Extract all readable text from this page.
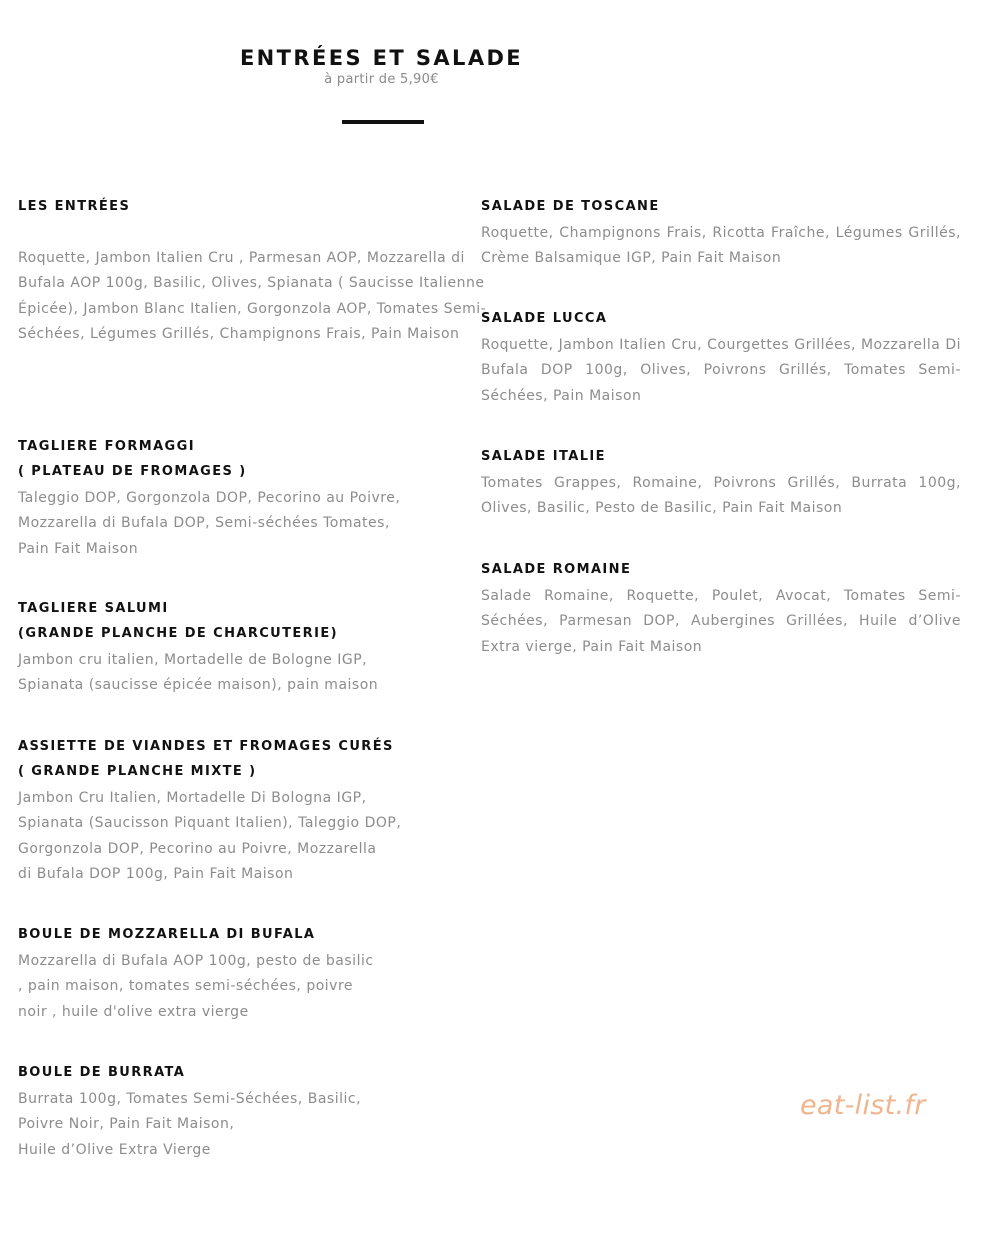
ENTRÉES ET SALADE
à partir de 5,90€

LES ENTRÉES

Roquette, Jambon Italien Cru , Parmesan AOP, Mozzarella di Bufala AOP 100g, Basilic, Olives, Spianata ( Saucisse Italienne Épicée), Jambon Blanc Italien, Gorgonzola AOP, Tomates Semi-Séchées, Légumes Grillés, Champignons Frais, Pain Maison

TAGLIERE FORMAGGI
( PLATEAU DE FROMAGES )

Taleggio DOP, Gorgonzola DOP, Pecorino au Poivre,
Mozzarella di Bufala DOP, Semi-séchées Tomates,
Pain Fait Maison

TAGLIERE SALUMI
(GRANDE PLANCHE DE CHARCUTERIE)

Jambon cru italien, Mortadelle de Bologne IGP,
Spianata (saucisse épicée maison), pain maison

ASSIETTE DE VIANDES ET FROMAGES CURÉS
( GRANDE PLANCHE MIXTE )

Jambon Cru Italien, Mortadelle Di Bologna IGP,
Spianata (Saucisson Piquant Italien), Taleggio DOP,
Gorgonzola DOP, Pecorino au Poivre, Mozzarella
di Bufala DOP 100g, Pain Fait Maison

BOULE DE MOZZARELLA DI BUFALA

Mozzarella di Bufala AOP 100g, pesto de basilic
, pain maison, tomates semi-séchées, poivre
noir , huile d'olive extra vierge

BOULE DE BURRATA

Burrata 100g, Tomates Semi-Séchées, Basilic,
Poivre Noir, Pain Fait Maison,
Huile d’Olive Extra Vierge

SALADE DE TOSCANE

Roquette, Champignons Frais, Ricotta Fraîche, Légumes Grillés, Crème Balsamique IGP, Pain Fait Maison

SALADE LUCCA

Roquette, Jambon Italien Cru, Courgettes Grillées, Mozzarella Di Bufala DOP 100g, Olives, Poivrons Grillés, Tomates Semi-Séchées, Pain Maison

SALADE ITALIE

Tomates Grappes, Romaine, Poivrons Grillés, Burrata 100g, Olives, Basilic, Pesto de Basilic, Pain Fait Maison

SALADE ROMAINE

Salade Romaine, Roquette, Poulet, Avocat, Tomates Semi-Séchées, Parmesan DOP, Aubergines Grillées, Huile d’Olive Extra vierge, Pain Fait Maison

eat-list.fr
